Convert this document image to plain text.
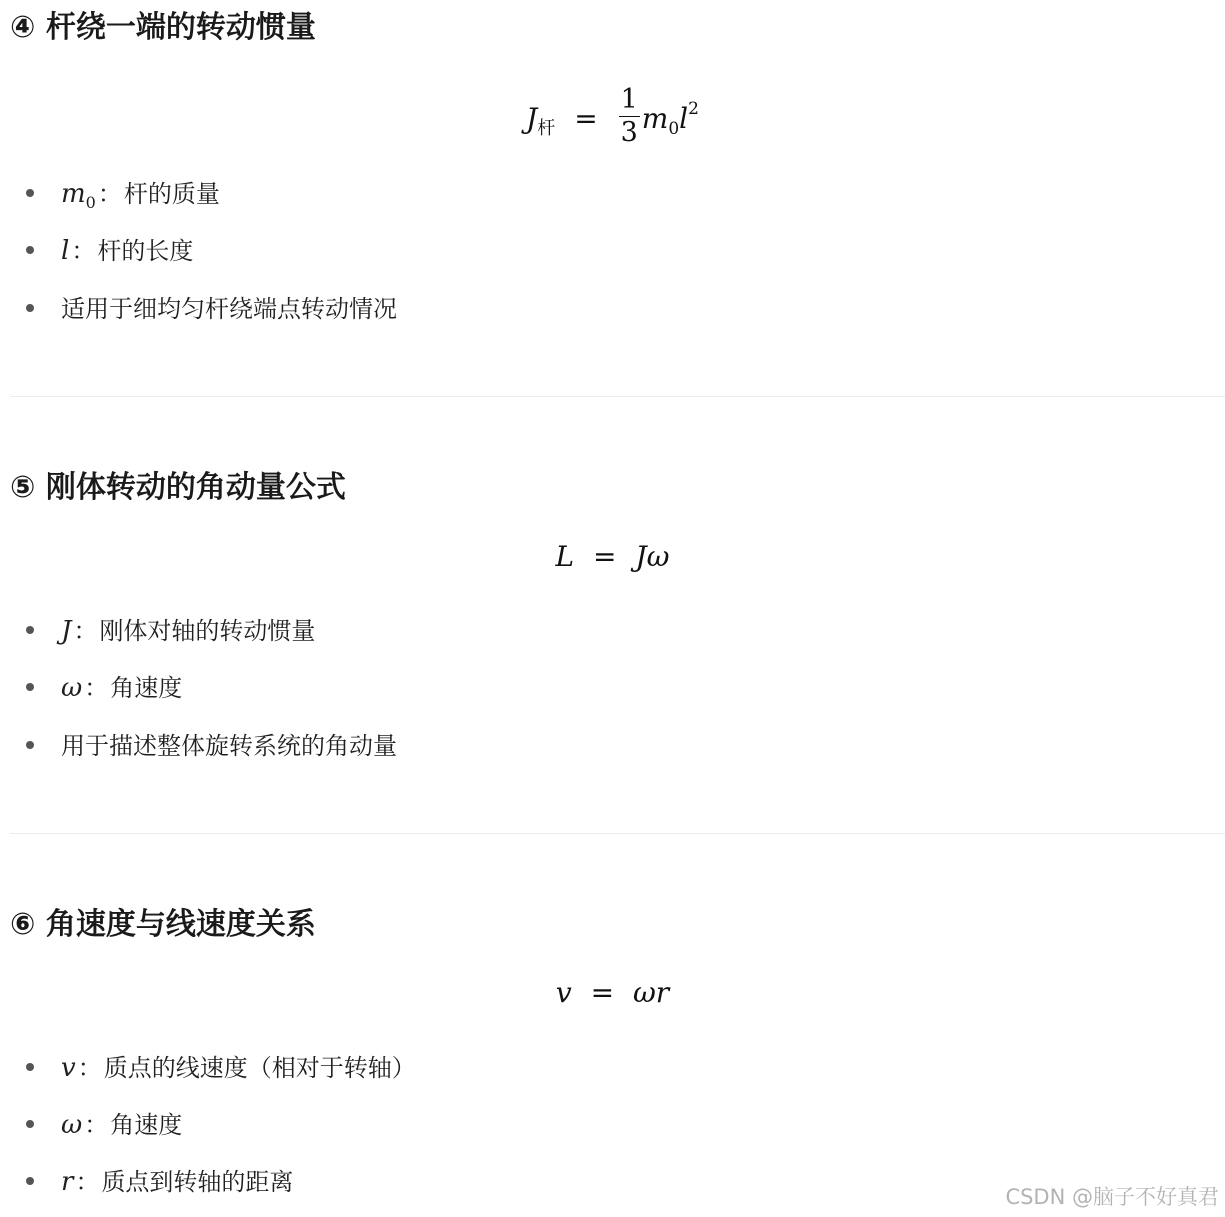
④ 杆绕一端的转动惯量
$J_杆 = \frac{1}{3} m_0l^2$
$m_0$：杆的质量
l：杆的长度
适用于细均匀杆绕端点转动情况
⑤ 刚体转动的角动量公式
L = Jω
J：刚体对轴的转动惯量
ω：角速度
用于描述整体旋转系统的角动量
⑥ 角速度与线速度关系
v = ωr
v：质点的线速度（相对于转轴）
ω：角速度
r：质点到转轴的距离
CSDN @脑子不好真君
